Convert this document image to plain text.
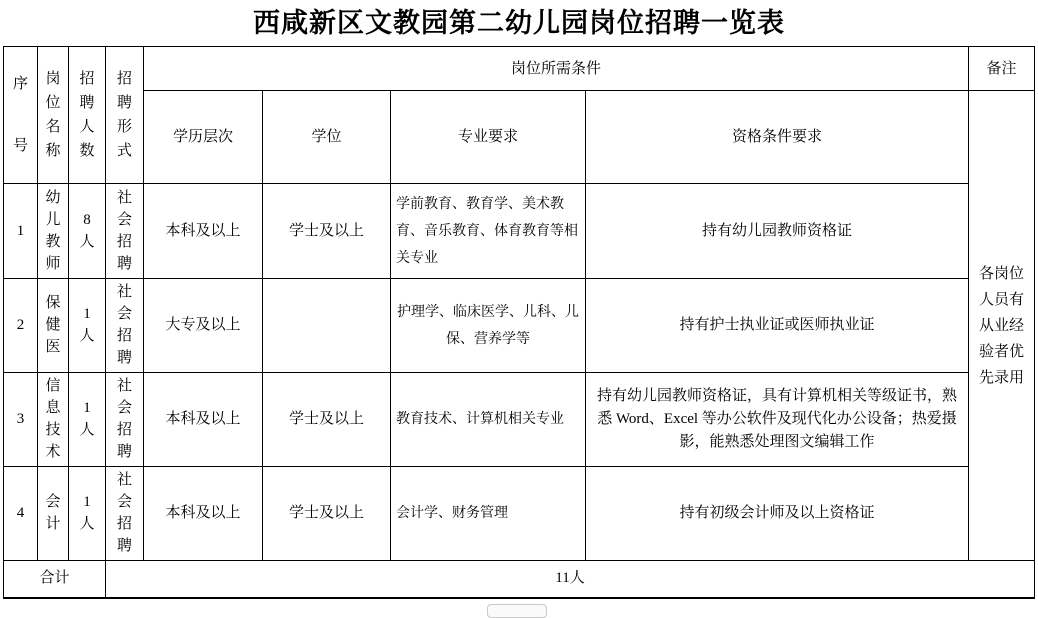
西咸新区文教园第二幼儿园岗位招聘一览表
序号	岗位名称	招聘人数	招聘形式	岗位所需条件				备注
				学历层次	学位	专业要求	资格条件要求	各岗位人员有从业经验者优先录用
1	幼儿教师	8人	社会招聘	本科及以上	学士及以上	学前教育、教育学、美术教育、音乐教育、体育教育等相关专业	持有幼儿园教师资格证	
2	保健医	1人	社会招聘	大专及以上		护理学、临床医学、儿科、儿保、营养学等	持有护士执业证或医师执业证	
3	信息技术	1人	社会招聘	本科及以上	学士及以上	教育技术、计算机相关专业	持有幼儿园教师资格证，具有计算机相关等级证书，熟悉 Word、Excel 等办公软件及现代化办公设备；热爱摄影，能熟悉处理图文编辑工作	
4	会计	1人	社会招聘	本科及以上	学士及以上	会计学、财务管理	持有初级会计师及以上资格证	
合计			11人					
